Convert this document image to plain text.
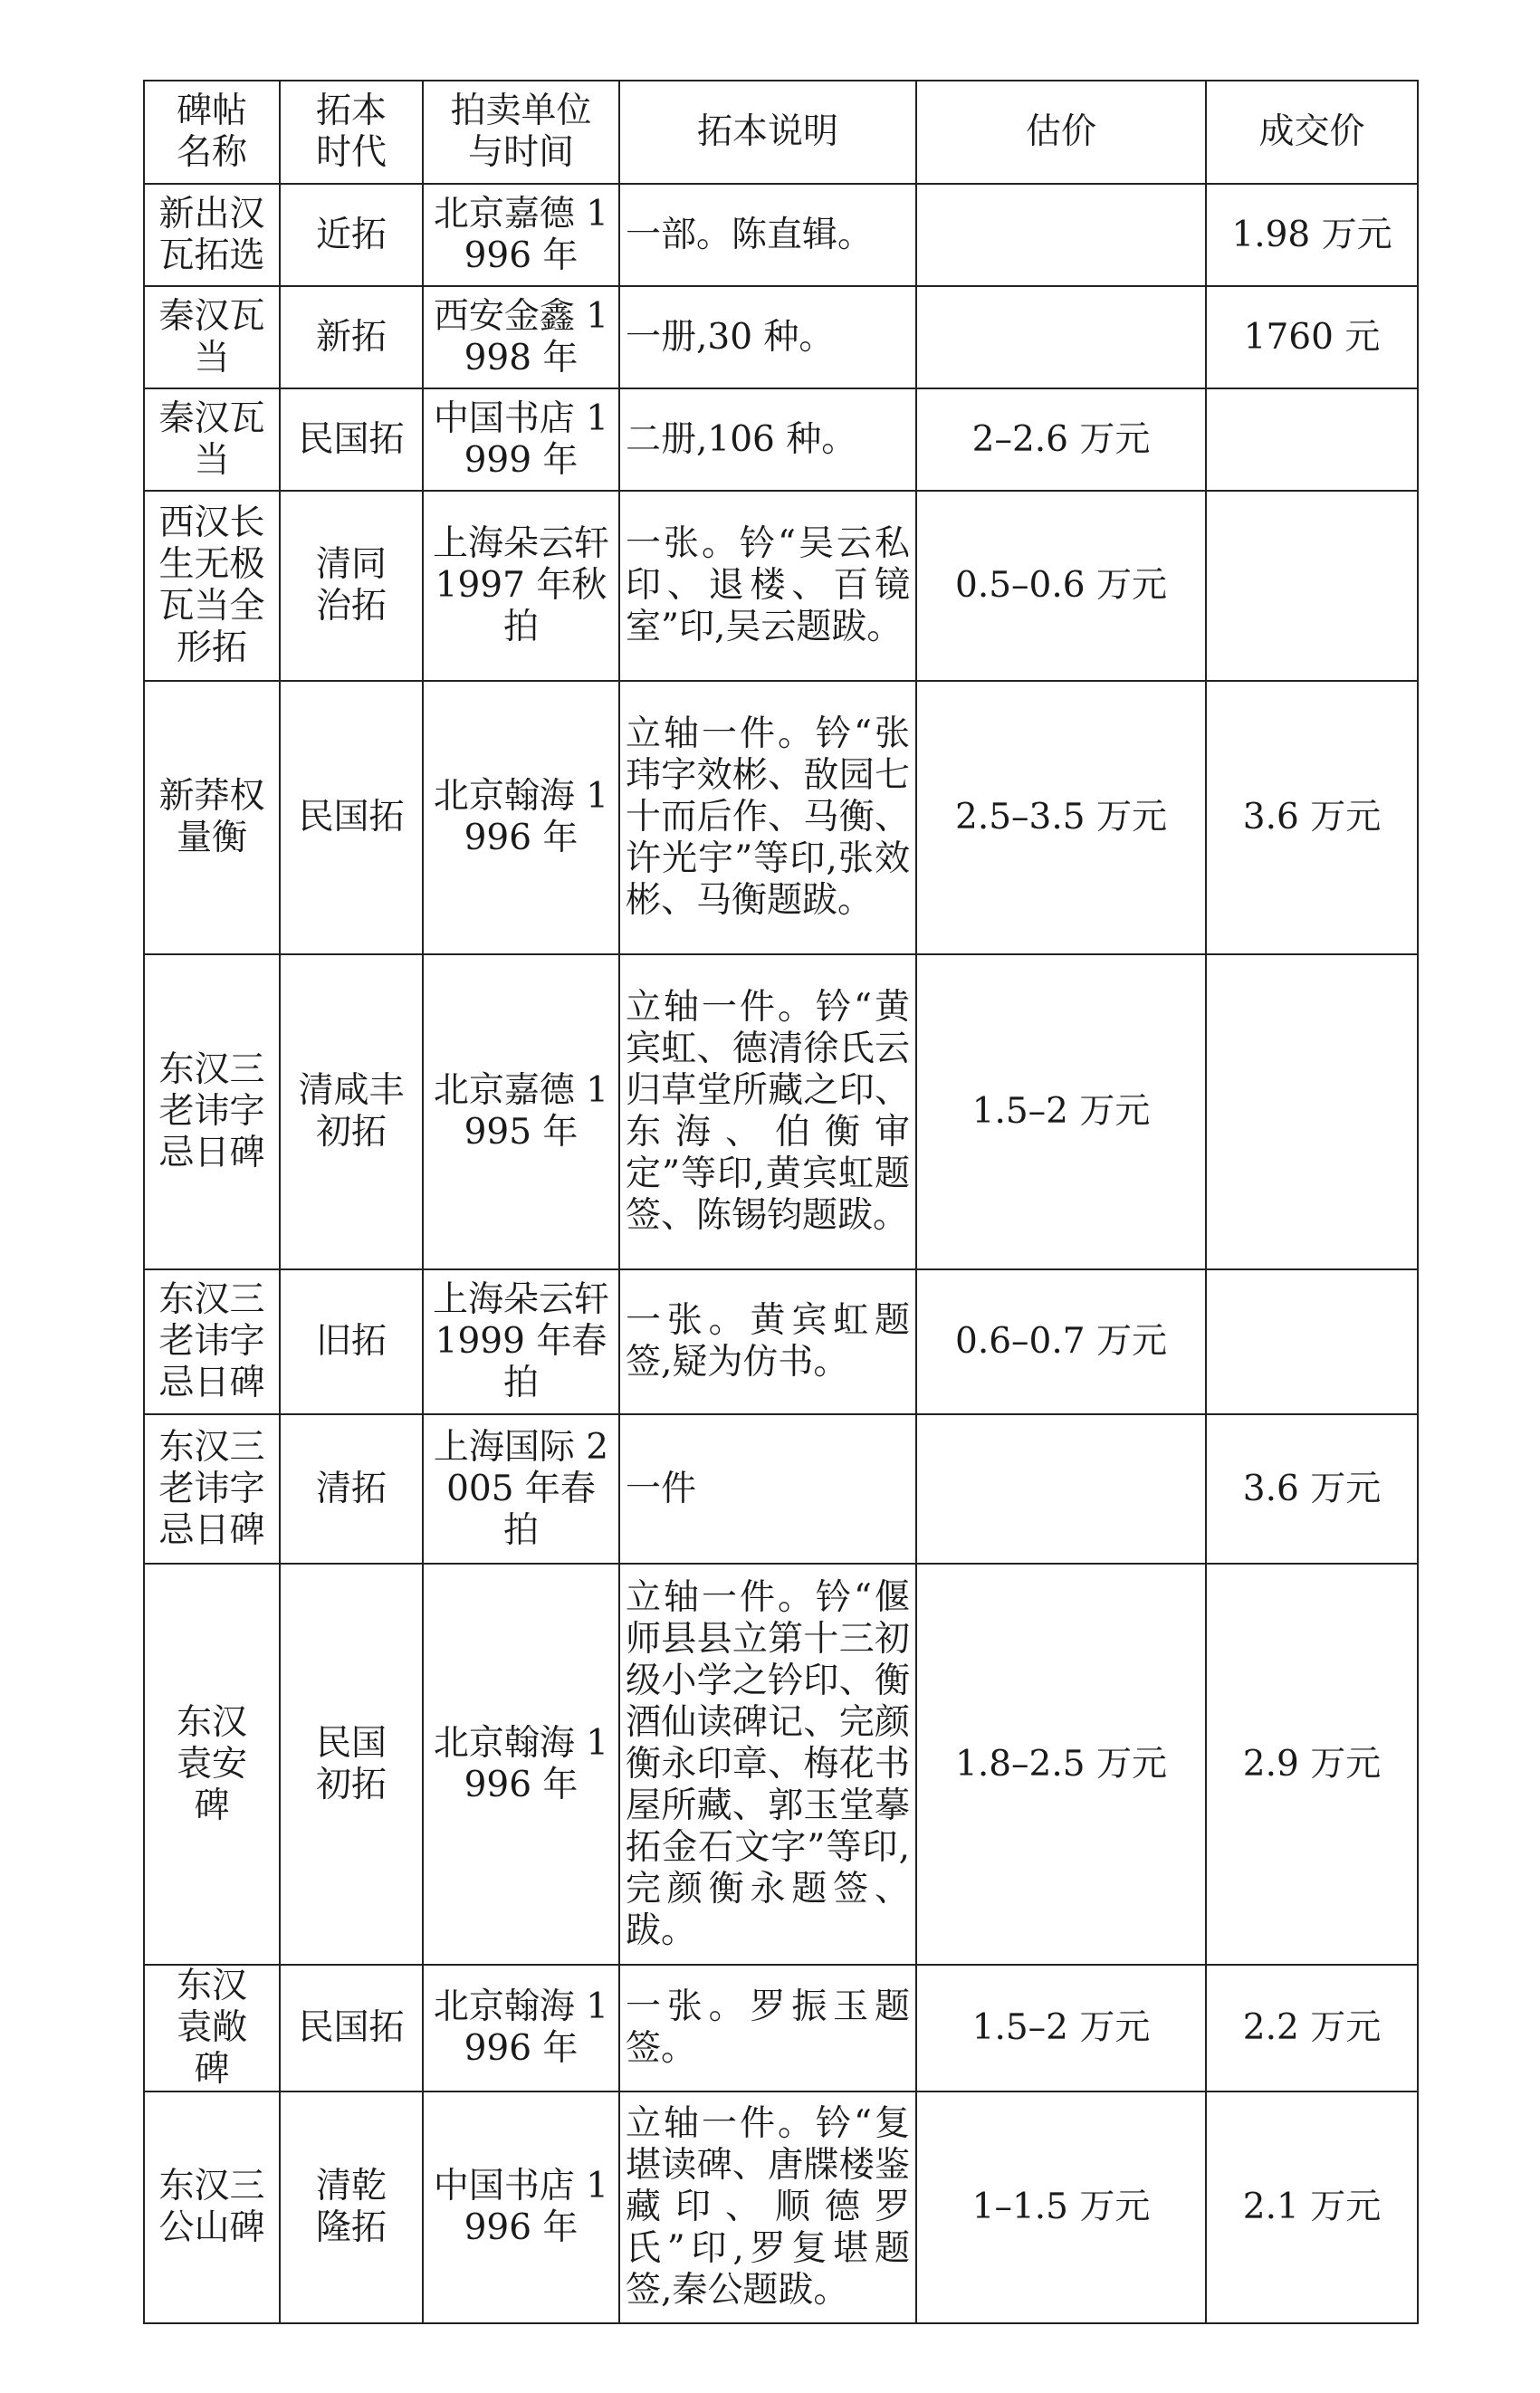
碑帖名称	拓本时代	拍卖单位与时间	拓本说明	估价	成交价
新出汉瓦拓选	近拓	北京嘉德 1996 年	一部。陈直辑。		1.98 万元
秦汉瓦当	新拓	西安金鑫 1998 年	一册,30 种。		1760 元
秦汉瓦当	民国拓	中国书店 1999 年	二册,106 种。	2–2.6 万元	
西汉长生无极瓦当全形拓	清同治拓	上海朵云轩 1997 年秋拍	一张。钤“吴云私印、退楼、百镜室”印,吴云题跋。	0.5–0.6 万元	
新莽权量衡	民国拓	北京翰海 1996 年	立轴一件。钤“张玮字效彬、敔园七十而后作、马衡、许光宇”等印,张效彬、马衡题跋。	2.5–3.5 万元	3.6 万元
东汉三老讳字忌日碑	清咸丰初拓	北京嘉德 1995 年	立轴一件。钤“黄宾虹、德清徐氏云归草堂所藏之印、东海、伯衡审定”等印,黄宾虹题签、陈锡钧题跋。	1.5–2 万元	
东汉三老讳字忌日碑	旧拓	上海朵云轩 1999 年春拍	一张。黄宾虹题签,疑为仿书。	0.6–0.7 万元	
东汉三老讳字忌日碑	清拓	上海国际 2005 年春拍	一件		3.6 万元
东汉袁安碑	民国初拓	北京翰海 1996 年	立轴一件。钤“偃师县县立第十三初级小学之钤印、衡酒仙读碑记、完颜衡永印章、梅花书屋所藏、郭玉堂摹拓金石文字”等印,完颜衡永题签、跋。	1.8–2.5 万元	2.9 万元
东汉袁敞碑	民国拓	北京翰海 1996 年	一张。罗振玉题签。	1.5–2 万元	2.2 万元
东汉三公山碑	清乾隆拓	中国书店 1996 年	立轴一件。钤“复堪读碑、唐牒楼鉴藏印、顺德罗氏”印,罗复堪题签,秦公题跋。	1–1.5 万元	2.1 万元
